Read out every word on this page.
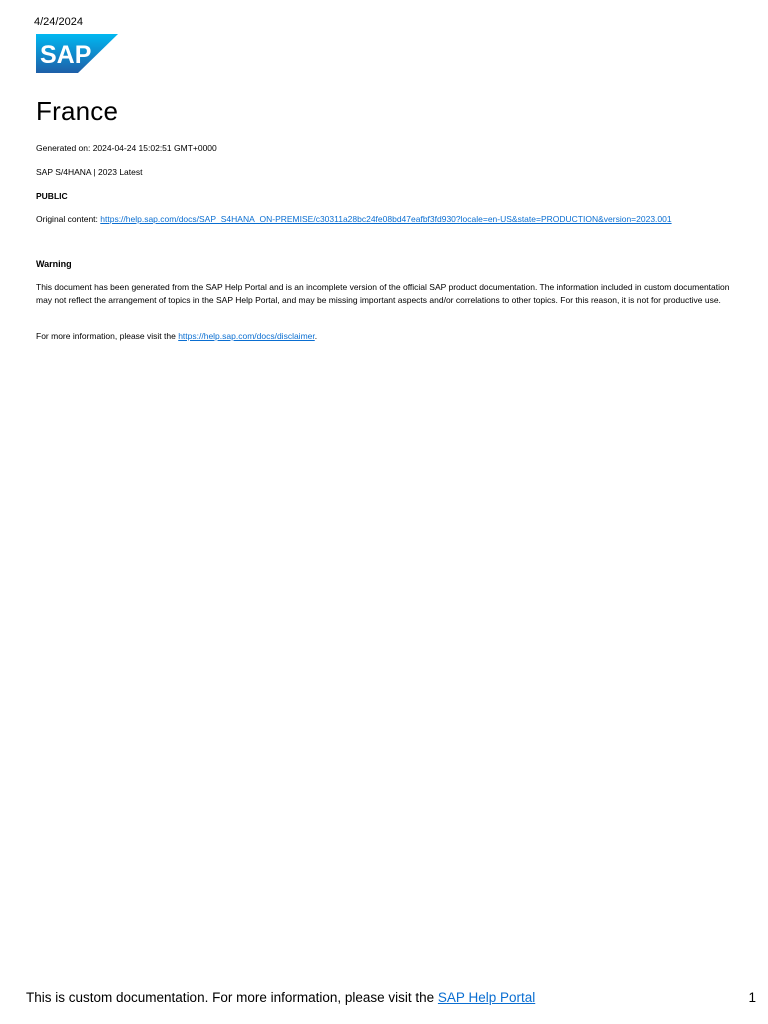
4/24/2024
SAP
France
Generated on: 2024-04-24 15:02:51 GMT+0000
SAP S/4HANA | 2023 Latest
PUBLIC
Original content: https://help.sap.com/docs/SAP_S4HANA_ON-PREMISE/c30311a28bc24fe08bd47eafbf3fd930?locale=en-US&state=PRODUCTION&version=2023.001
Warning
This document has been generated from the SAP Help Portal and is an incomplete version of the official SAP product documentation. The information included in custom documentation may not reflect the arrangement of topics in the SAP Help Portal, and may be missing important aspects and/or correlations to other topics. For this reason, it is not for productive use.
For more information, please visit the https://help.sap.com/docs/disclaimer.
This is custom documentation. For more information, please visit the SAP Help Portal	1
